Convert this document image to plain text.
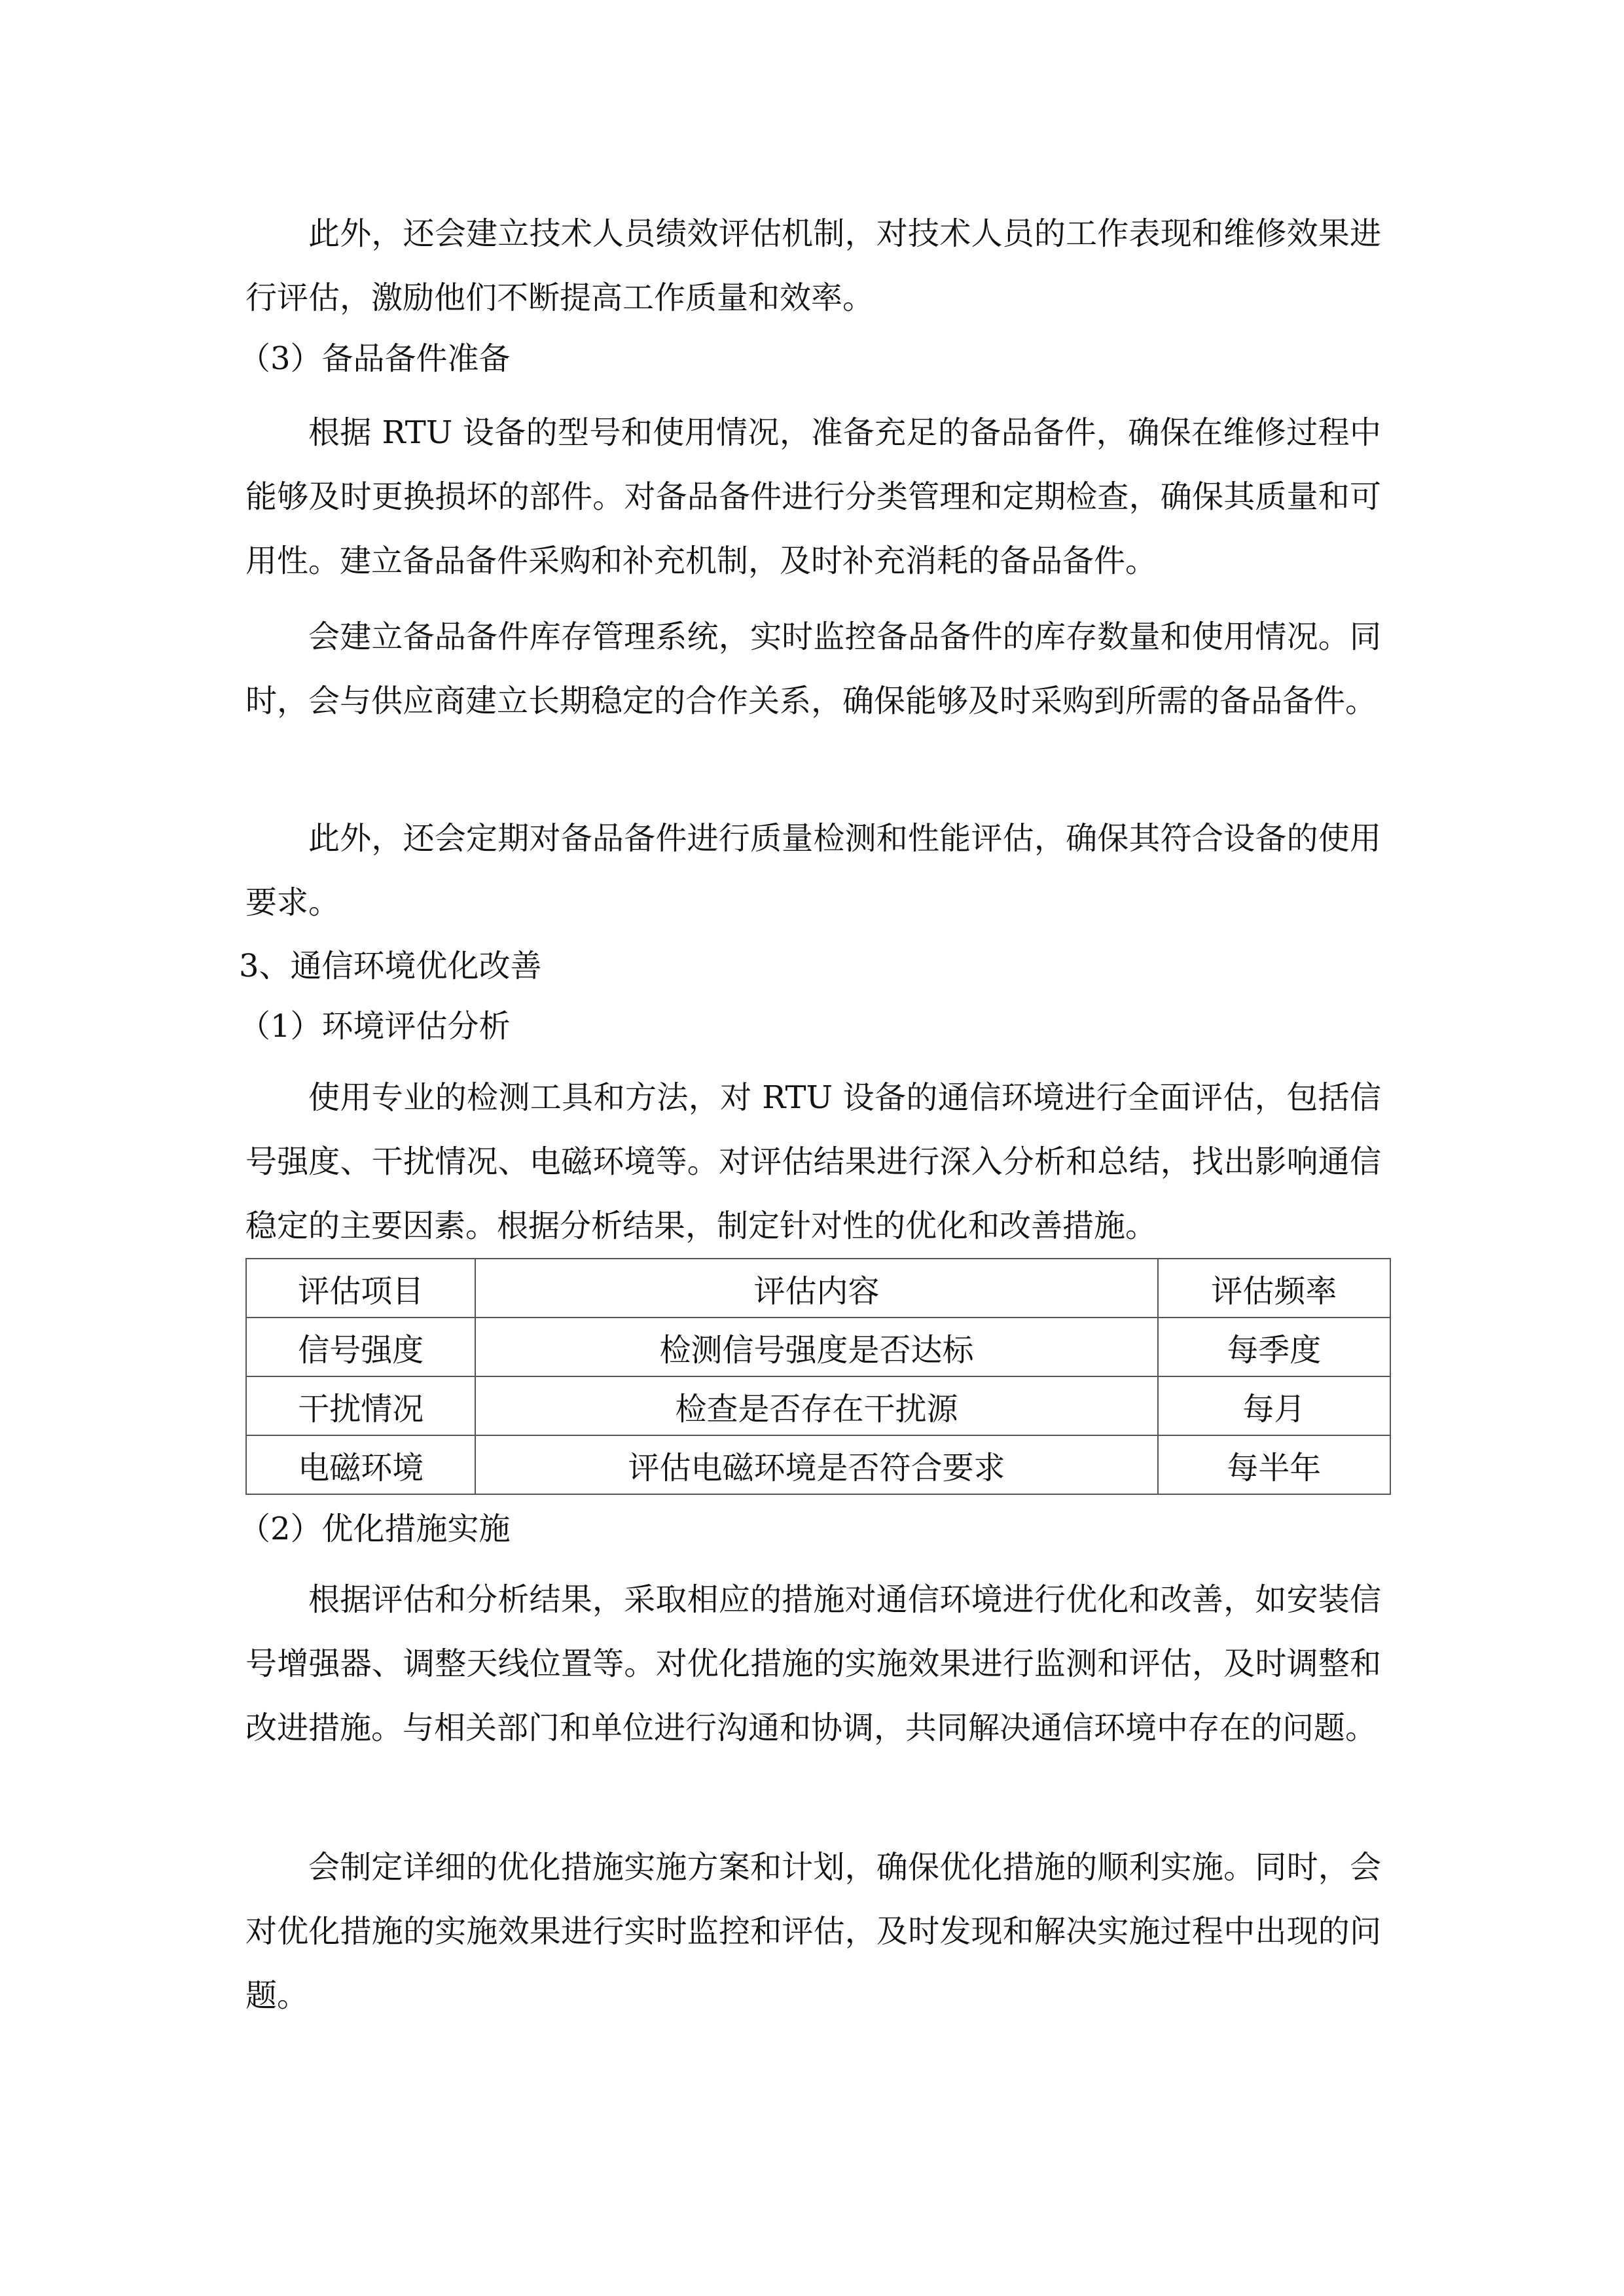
此外，还会建立技术人员绩效评估机制，对技术人员的工作表现和维修效果进行评估，激励他们不断提高工作质量和效率。

（3）备品备件准备

根据 RTU 设备的型号和使用情况，准备充足的备品备件，确保在维修过程中能够及时更换损坏的部件。对备品备件进行分类管理和定期检查，确保其质量和可用性。建立备品备件采购和补充机制，及时补充消耗的备品备件。

会建立备品备件库存管理系统，实时监控备品备件的库存数量和使用情况。同时，会与供应商建立长期稳定的合作关系，确保能够及时采购到所需的备品备件。

此外，还会定期对备品备件进行质量检测和性能评估，确保其符合设备的使用要求。

3、通信环境优化改善

（1）环境评估分析

使用专业的检测工具和方法，对 RTU 设备的通信环境进行全面评估，包括信号强度、干扰情况、电磁环境等。对评估结果进行深入分析和总结，找出影响通信稳定的主要因素。根据分析结果，制定针对性的优化和改善措施。

评估项目	评估内容	评估频率
信号强度	检测信号强度是否达标	每季度
干扰情况	检查是否存在干扰源	每月
电磁环境	评估电磁环境是否符合要求	每半年

（2）优化措施实施

根据评估和分析结果，采取相应的措施对通信环境进行优化和改善，如安装信号增强器、调整天线位置等。对优化措施的实施效果进行监测和评估，及时调整和改进措施。与相关部门和单位进行沟通和协调，共同解决通信环境中存在的问题。

会制定详细的优化措施实施方案和计划，确保优化措施的顺利实施。同时，会对优化措施的实施效果进行实时监控和评估，及时发现和解决实施过程中出现的问题。
